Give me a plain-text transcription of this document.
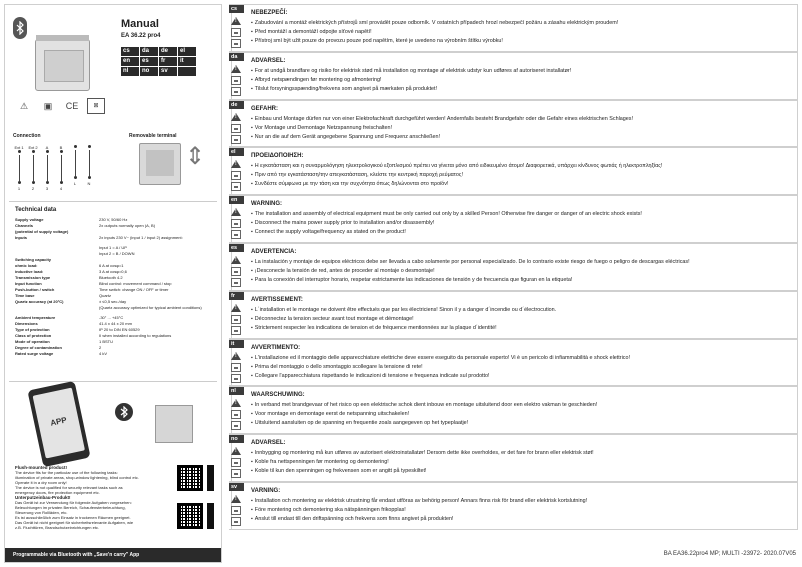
Manual
EA 36.22 pro4
cs	da	de	el
en	es	fr	it
nl	no	sv
⚠	▣	CE	⊠
Connection	Removable terminal
Ext 1
1
Ext 2
2
A
3
B
4
L	N
⇕
Technical data
Supply voltage	230 V, 50/60 Hz
Channels	2x outputs normally open (A, B)
(potential of supply voltage)
Inputs	2x inputs 230 V~ (input 1 / input 2) assignment:
Input 1 = A / UP
Input 2 = B / DOWN
Switching capacity
ohmic load:	6 A at cosφ=1
inductive load:	3 A at cosφ=0,6
Transmission type	Bluetooth 4.2
Input function	Blind control: movement command / stop
Push-button / switch	Time switch: change ON / OFF or timer
Time base	Quartz
Quartz accuracy (at 20°C)	± ≤0,5 sec./day
(Quartz accuracy optimized for typical ambient conditions)
Ambient temperature	-30° ... +45°C
Dimensions	41.4 x 44 x 20 mm
Type of protection	IP 20 to DIN EN 60529
Class of protection	II when installed according to regulations
Mode of operation	1 BSTU
Degree of contamination	2
Rated surge voltage	4 kV
APP
Flush-mounted product!
The device fits for the particular use of the following tasks:
illumination of private areas, shop-window lightening, blind control etc.
Operate it in a dry room only!
The device is not qualified for security relevant tasks such as
emergency doors, fire protection equipment etc.
Unterputzeinbau-Produkt!
Das Gerät ist zur Verwendung für folgende Aufgaben vorgesehen:
Beleuchtungen im privaten Bereich, Schaufensterbeleuchtung,
Steuerung von Rollläden, etc.
Es ist ausschließlich zum Einsatz in trockenen Räumen geeignet.
Das Gerät ist nicht geeignet für sicherheitsrelevante Aufgaben, wie
z.B. Fluchttüren, Brandschutzeinrichtungen etc.
Programmable via Bluetooth with „Save'n carry" App
cs
!
NEBEZPEČÍ:
▪ Zabudování a montáž elektrických přístrojů smí provádět pouze odborník. V ostatních případech hrozí nebezpečí požáru a zásahu elektrickým proudem!
▪ Před montáží a demontáží odpojte síťové napětí!
▪ Přístroj smí být užit pouze do provozu pouze pod napětím, které je uvedeno na výrobním štítku výrobku!
da
!
ADVARSEL:
▪ For at undgå brandfare og risiko for elektrisk stød må installation og montage af elektrisk udstyr kun udføres af autoriseret installatør!
▪ Afbryd netspændingen før montering og afmontering!
▪ Tilslut forsyningsspænding/frekvens som angivet på mærkaten på produktet!
de
!
GEFAHR:
▪ Einbau und Montage dürfen nur von einer Elektrofachkraft durchgeführt werden! Andernfalls besteht Brandgefahr oder die Gefahr eines elektrischen Schlages!
▪ Vor Montage und Demontage Netzspannung freischalten!
▪ Nur an die auf dem Gerät angegebene Spannung und Frequenz anschließen!
el
!
ΠΡΟΕΙΔΟΠΟΙΗΣΗ:
▪ Η εγκατάσταση και η συναρμολόγηση ηλεκτρολογικού εξοπλισμού πρέπει να γίνεται μόνο από ειδικευμένο άτομο! Διαφορετικά, υπάρχει κίνδυνος φωτιάς ή ηλεκτροπληξίας!
▪ Πριν από την εγκατάσταση/την απεγκατάσταση, κλείστε την κεντρική παροχή ρεύματος!
▪ Συνδέστε σύμφωνα με την τάση και την συχνότητα όπως δηλώνονται στο προϊόν!
en
!
WARNING:
▪ The installation and assembly of electrical equipment must be only carried out only by a skilled Person! Otherwise fire danger or danger of an electric shock exists!
▪ Disconnect the mains power supply prior to installation and/or disassembly!
▪ Connect the supply voltage/frequency as stated on the product!
es
!
ADVERTENCIA:
▪ La instalación y montaje de equipos eléctricos debe ser llevada a cabo solamente por personal especializado. De lo contrario existe riesgo de fuego o peligro de descargas eléctricas!
▪ ¡Desconecte la tensión de red, antes de proceder al montaje o desmontaje!
▪ Para la conexión del interruptor horario, respetar estrictamente las indicaciones de tensión y de frecuencia que figuran en la etiqueta!
fr
!
AVERTISSEMENT:
▪ L´installation et le montage ne doivent être effectués que par les électriciens! Sinon il y a danger d´incendie ou d´électrocution.
▪ Déconnectez la tension secteur avant tout montage et démontage!
▪ Strictement respecter les indications de tension et de fréquence mentionnées sur la plaque d´identité!
it
!
AVVERTIMENTO:
▪ L'installazione ed il montaggio delle apparecchiature elettriche deve essere eseguito da personale esperto! Vi è un pericolo di infiammabilità e shock elettrico!
▪ Prima del montaggio o dello smontaggio scollegare la tensione di rete!
▪ Collegare l'apparecchiatura rispettando le indicazioni di tensione e frequenza indicate sul prodotto!
nl
!
WAARSCHUWING:
▪ In verband met brandgevaar of het risico op een elektrische schok dient inbouw en montage uitsluitend door een elektro vakman te geschieden!
▪ Voor montage en demontage eerst de netspanning uitschakelen!
▪ Uitsluitend aansluiten op de spanning en frequentie zoals aangegeven op het typeplaatje!
no
!
ADVARSEL:
▪ Innbygging og montering må kun utføres av autorisert elektroinstallatør! Dersom dette ikke overholdes, er det fare for brann eller elektrisk støt!
▪ Koble fra nettspenningen før montering og demontering!
▪ Koble til kun den spenningen og frekvensen som er angitt på typeskiltet!
sv
!
VARNING:
▪ Installation och montering av elektrisk utrustning får endast utföras av behörig person! Annars finns risk för brand eller elektrisk kortslutning!
▪ Före montering och demontering ska nätspänningen frikopplas!
▪ Anslut till endast till den driftspänning och frekvens som finns angivet på produkten!
BA EA36.22pro4 MP; MULTI -23972- 2020.07V05
